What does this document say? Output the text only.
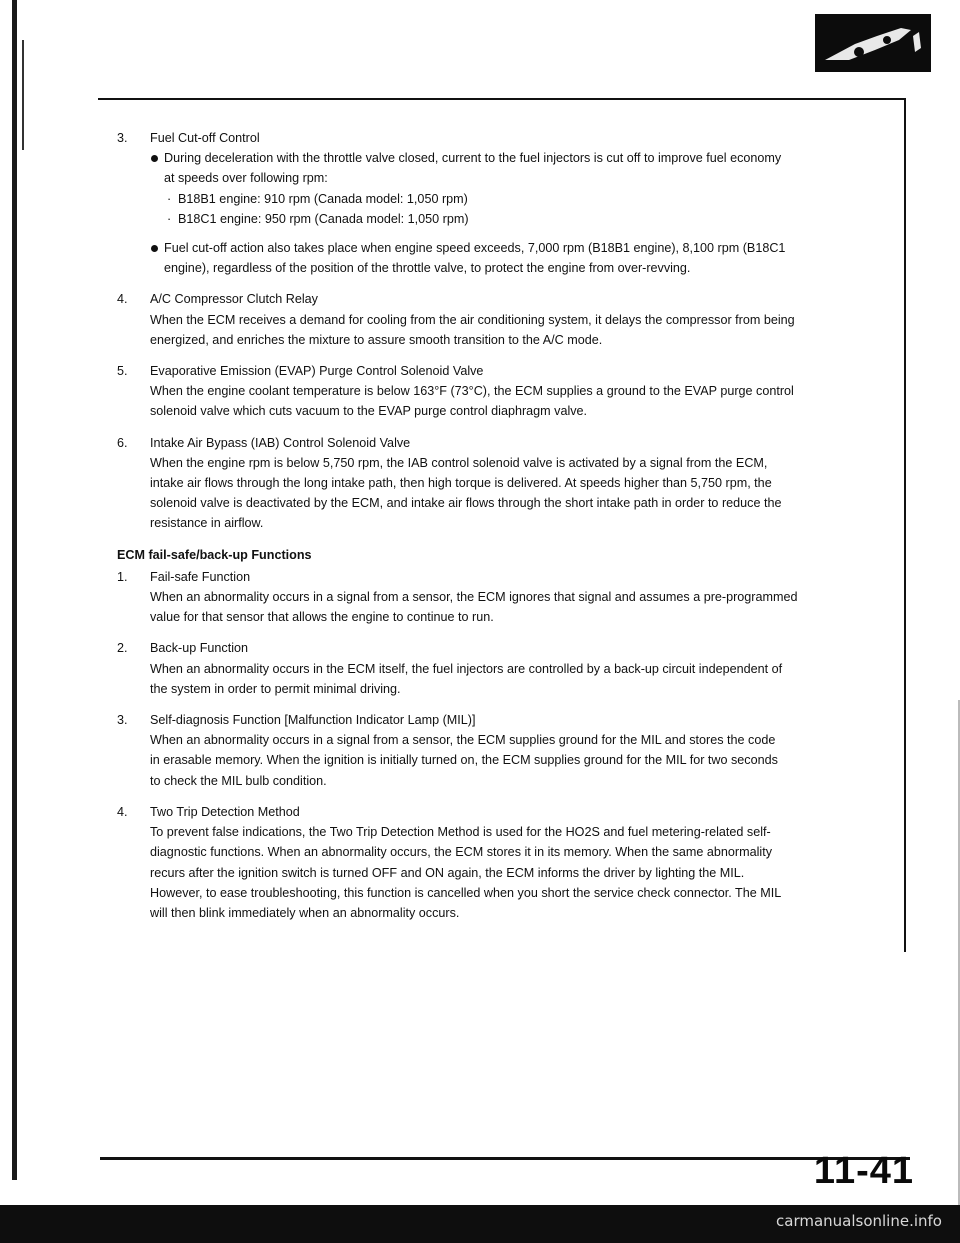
3.	Fuel Cut-off Control
During deceleration with the throttle valve closed, current to the fuel injectors is cut off to improve fuel economy
at speeds over following rpm:
· B18B1 engine: 910 rpm (Canada model: 1,050 rpm)
· B18C1 engine: 950 rpm (Canada model: 1,050 rpm)
Fuel cut-off action also takes place when engine speed exceeds, 7,000 rpm (B18B1 engine), 8,100 rpm (B18C1
engine), regardless of the position of the throttle valve, to protect the engine from over-revving.
4.	A/C Compressor Clutch Relay
When the ECM receives a demand for cooling from the air conditioning system, it delays the compressor from being
energized, and enriches the mixture to assure smooth transition to the A/C mode.
5.	Evaporative Emission (EVAP) Purge Control Solenoid Valve
When the engine coolant temperature is below 163°F (73°C), the ECM supplies a ground to the EVAP purge control
solenoid valve which cuts vacuum to the EVAP purge control diaphragm valve.
6.	Intake Air Bypass (IAB) Control Solenoid Valve
When the engine rpm is below 5,750 rpm, the IAB control solenoid valve is activated by a signal from the ECM,
intake air flows through the long intake path, then high torque is delivered. At speeds higher than 5,750 rpm, the
solenoid valve is deactivated by the ECM, and intake air flows through the short intake path in order to reduce the
resistance in airflow.
ECM fail-safe/back-up Functions
1.	Fail-safe Function
When an abnormality occurs in a signal from a sensor, the ECM ignores that signal and assumes a pre-programmed
value for that sensor that allows the engine to continue to run.
2.	Back-up Function
When an abnormality occurs in the ECM itself, the fuel injectors are controlled by a back-up circuit independent of
the system in order to permit minimal driving.
3.	Self-diagnosis Function [Malfunction Indicator Lamp (MIL)]
When an abnormality occurs in a signal from a sensor, the ECM supplies ground for the MIL and stores the code
in erasable memory. When the ignition is initially turned on, the ECM supplies ground for the MIL for two seconds
to check the MIL bulb condition.
4.	Two Trip Detection Method
To prevent false indications, the Two Trip Detection Method is used for the HO2S and fuel metering-related self-
diagnostic functions. When an abnormality occurs, the ECM stores it in its memory. When the same abnormality
recurs after the ignition switch is turned OFF and ON again, the ECM informs the driver by lighting the MIL.
However, to ease troubleshooting, this function is cancelled when you short the service check connector. The MIL
will then blink immediately when an abnormality occurs.
11-41
carmanualsonline.info
